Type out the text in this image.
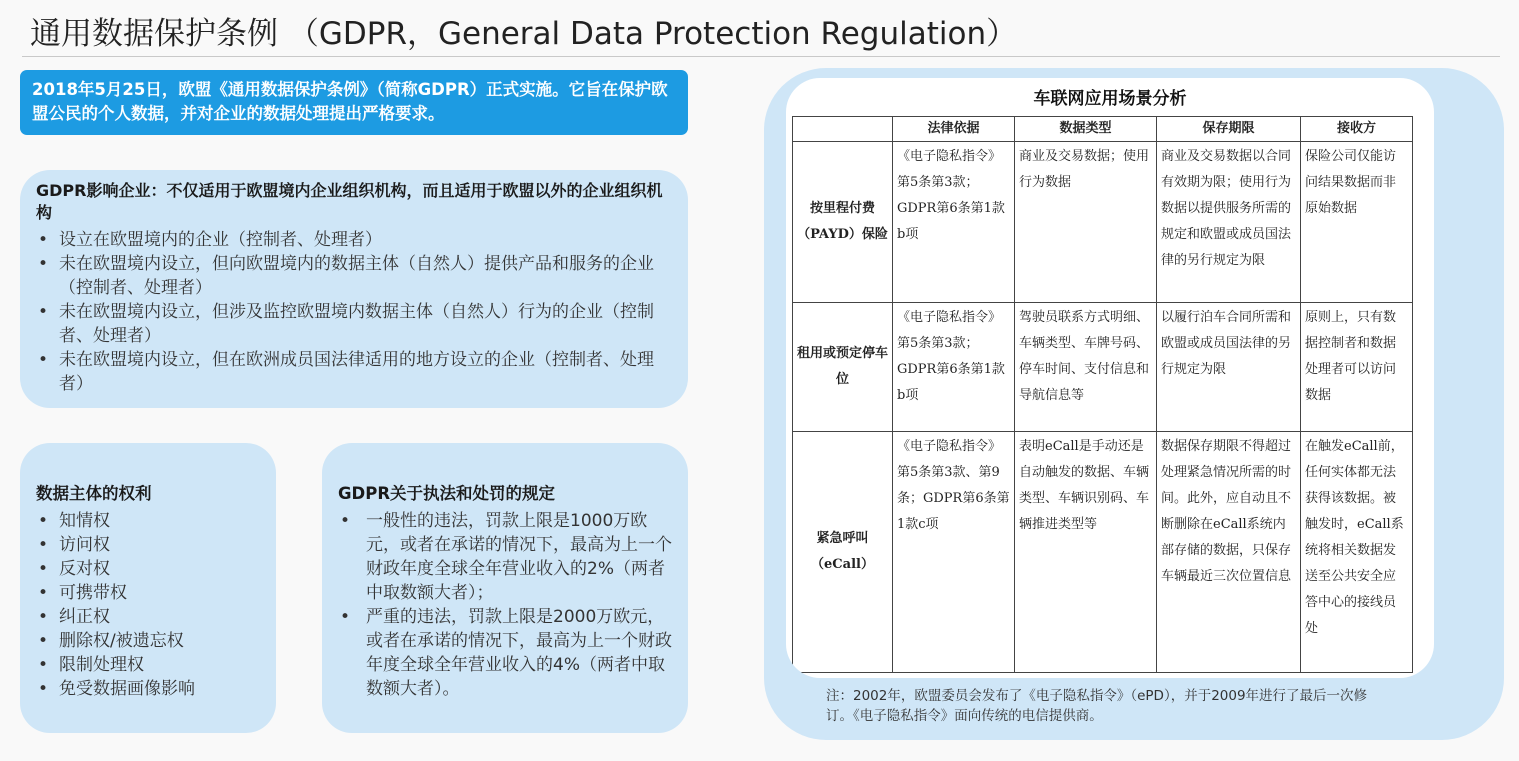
通用数据保护条例 （GDPR，General Data Protection Regulation）
2018年5月25日，欧盟《通用数据保护条例》（简称GDPR）正式实施。它旨在保护欧盟公民的个人数据，并对企业的数据处理提出严格要求。
GDPR影响企业：不仅适用于欧盟境内企业组织机构，而且适用于欧盟以外的企业组织机构
• 设立在欧盟境内的企业（控制者、处理者）
• 未在欧盟境内设立，但向欧盟境内的数据主体（自然人）提供产品和服务的企业（控制者、处理者）
• 未在欧盟境内设立，但涉及监控欧盟境内数据主体（自然人）行为的企业（控制者、处理者）
• 未在欧盟境内设立，但在欧洲成员国法律适用的地方设立的企业（控制者、处理者）
数据主体的权利
• 知情权
• 访问权
• 反对权
• 可携带权
• 纠正权
• 删除权/被遗忘权
• 限制处理权
• 免受数据画像影响
GDPR关于执法和处罚的规定
• 一般性的违法，罚款上限是1000万欧元，或者在承诺的情况下，最高为上一个财政年度全球全年营业收入的2%（两者中取数额大者）；
• 严重的违法，罚款上限是2000万欧元，或者在承诺的情况下，最高为上一个财政年度全球全年营业收入的4%（两者中取数额大者）。
车联网应用场景分析
	法律依据	数据类型	保存期限	接收方
按里程付费（PAYD）保险	《电子隐私指令》第5条第3款；GDPR第6条第1款b项	商业及交易数据；使用行为数据	商业及交易数据以合同有效期为限；使用行为数据以提供服务所需的规定和欧盟或成员国法律的另行规定为限	保险公司仅能访问结果数据而非原始数据
租用或预定停车位	《电子隐私指令》第5条第3款；GDPR第6条第1款b项	驾驶员联系方式明细、车辆类型、车牌号码、停车时间、支付信息和导航信息等	以履行泊车合同所需和欧盟或成员国法律的另行规定为限	原则上，只有数据控制者和数据处理者可以访问数据
紧急呼叫（eCall）	《电子隐私指令》第5条第3款、第9条；GDPR第6条第1款c项	表明eCall是手动还是自动触发的数据、车辆类型、车辆识别码、车辆推进类型等	数据保存期限不得超过处理紧急情况所需的时间。此外，应自动且不断删除在eCall系统内部存储的数据，只保存车辆最近三次位置信息	在触发eCall前，任何实体都无法获得该数据。被触发时，eCall系统将相关数据发送至公共安全应答中心的接线员处
注：2002年，欧盟委员会发布了《电子隐私指令》（ePD），并于2009年进行了最后一次修订。《电子隐私指令》面向传统的电信提供商。
